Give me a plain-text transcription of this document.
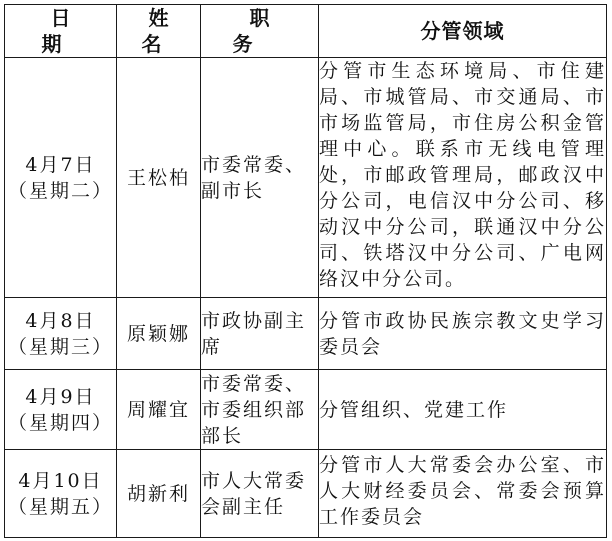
日 期	姓 名	职 务	分管领域

4月7日
（星期二）	王松柏	市委常委、副市长	分管市生态环境局、市住建局、市城管局、市交通局、市市场监管局，市住房公积金管理中心。联系市无线电管理处，市邮政管理局，邮政汉中分公司，电信汉中分公司、移动汉中分公司，联通汉中分公司、铁塔汉中分公司、广电网络汉中分公司。

4月8日
（星期三）	原颖娜	市政协副主席	分管市政协民族宗教文史学习委员会

4月9日
（星期四）	周耀宜	市委常委、市委组织部部长	分管组织、党建工作

4月10日
（星期五）	胡新利	市人大常委会副主任	分管市人大常委会办公室、市人大财经委员会、常委会预算工作委员会
